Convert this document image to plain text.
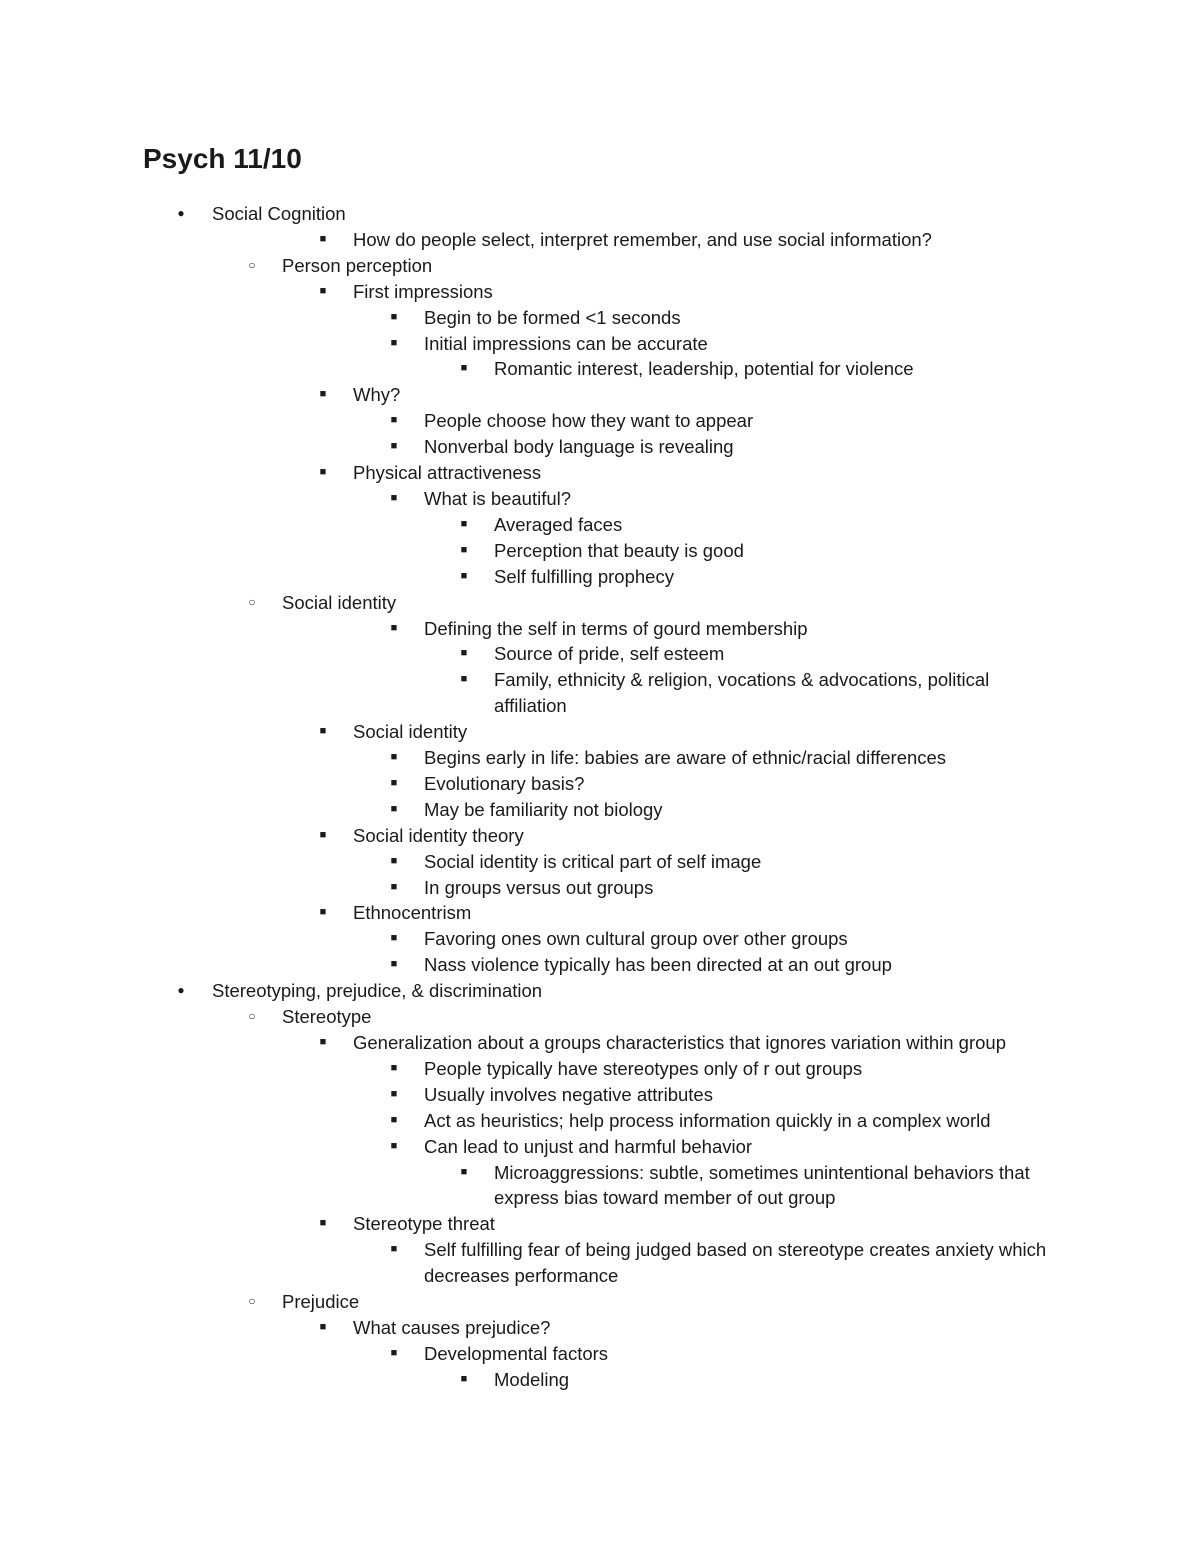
Psych 11/10
●	Social Cognition
■	How do people select, interpret remember, and use social information?
○	Person perception
■	First impressions
■	Begin to be formed <1 seconds
■	Initial impressions can be accurate
■	Romantic interest, leadership, potential for violence
■	Why?
■	People choose how they want to appear
■	Nonverbal body language is revealing
■	Physical attractiveness
■	What is beautiful?
■	Averaged faces
■	Perception that beauty is good
■	Self fulfilling prophecy
○	Social identity
■	Defining the self in terms of gourd membership
■	Source of pride, self esteem
■	Family, ethnicity & religion, vocations & advocations, political affiliation
■	Social identity
■	Begins early in life: babies are aware of ethnic/racial differences
■	Evolutionary basis?
■	May be familiarity not biology
■	Social identity theory
■	Social identity is critical part of self image
■	In groups versus out groups
■	Ethnocentrism
■	Favoring ones own cultural group over other groups
■	Nass violence typically has been directed at an out group
●	Stereotyping, prejudice, & discrimination
○	Stereotype
■	Generalization about a groups characteristics that ignores variation within group
■	People typically have stereotypes only of r out groups
■	Usually involves negative attributes
■	Act as heuristics; help process information quickly in a complex world
■	Can lead to unjust and harmful behavior
■	Microaggressions: subtle, sometimes unintentional behaviors that express bias toward member of out group
■	Stereotype threat
■	Self fulfilling fear of being judged based on stereotype creates anxiety which decreases performance
○	Prejudice
■	What causes prejudice?
■	Developmental factors
■	Modeling
